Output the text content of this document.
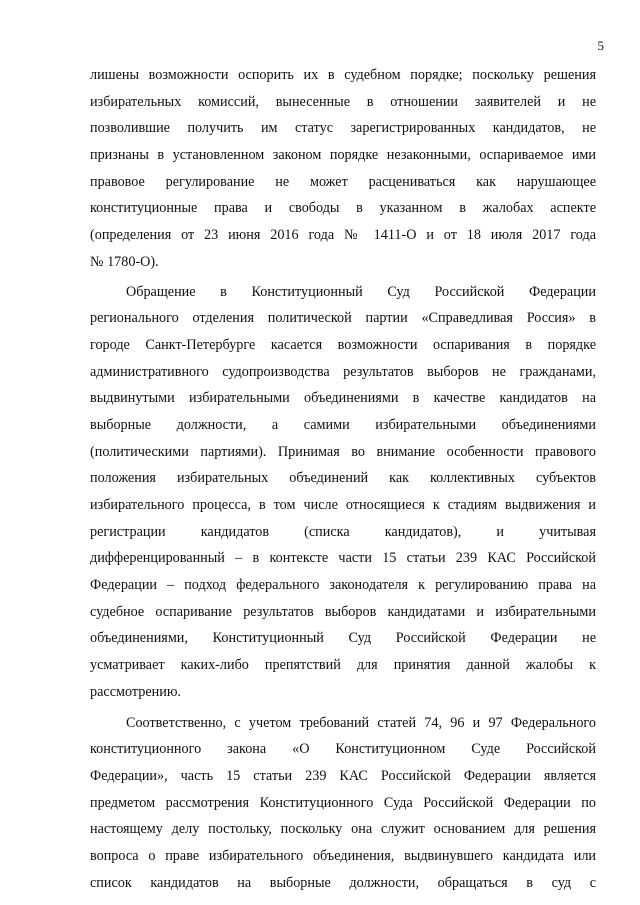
5
лишены возможности оспорить их в судебном порядке; поскольку решения
избирательных комиссий, вынесенные в отношении заявителей и не
позволившие получить им статус зарегистрированных кандидатов, не
признаны в установленном законом порядке незаконными, оспариваемое ими
правовое регулирование не может расцениваться как нарушающее
конституционные права и свободы в указанном в жалобах аспекте
(определения от 23 июня 2016 года № 1411-О и от 18 июля 2017 года
№ 1780-О).
Обращение в Конституционный Суд Российской Федерации
регионального отделения политической партии «Справедливая Россия» в
городе Санкт-Петербурге касается возможности оспаривания в порядке
административного судопроизводства результатов выборов не гражданами,
выдвинутыми избирательными объединениями в качестве кандидатов на
выборные должности, а самими избирательными объединениями
(политическими партиями). Принимая во внимание особенности правового
положения избирательных объединений как коллективных субъектов
избирательного процесса, в том числе относящиеся к стадиям выдвижения и
регистрации кандидатов (списка кандидатов), и учитывая
дифференцированный – в контексте части 15 статьи 239 КАС Российской
Федерации – подход федерального законодателя к регулированию права на
судебное оспаривание результатов выборов кандидатами и избирательными
объединениями, Конституционный Суд Российской Федерации не
усматривает каких-либо препятствий для принятия данной жалобы к
рассмотрению.
Соответственно, с учетом требований статей 74, 96 и 97 Федерального
конституционного закона «О Конституционном Суде Российской
Федерации», часть 15 статьи 239 КАС Российской Федерации является
предметом рассмотрения Конституционного Суда Российской Федерации по
настоящему делу постольку, поскольку она служит основанием для решения
вопроса о праве избирательного объединения, выдвинувшего кандидата или
список кандидатов на выборные должности, обращаться в суд с
